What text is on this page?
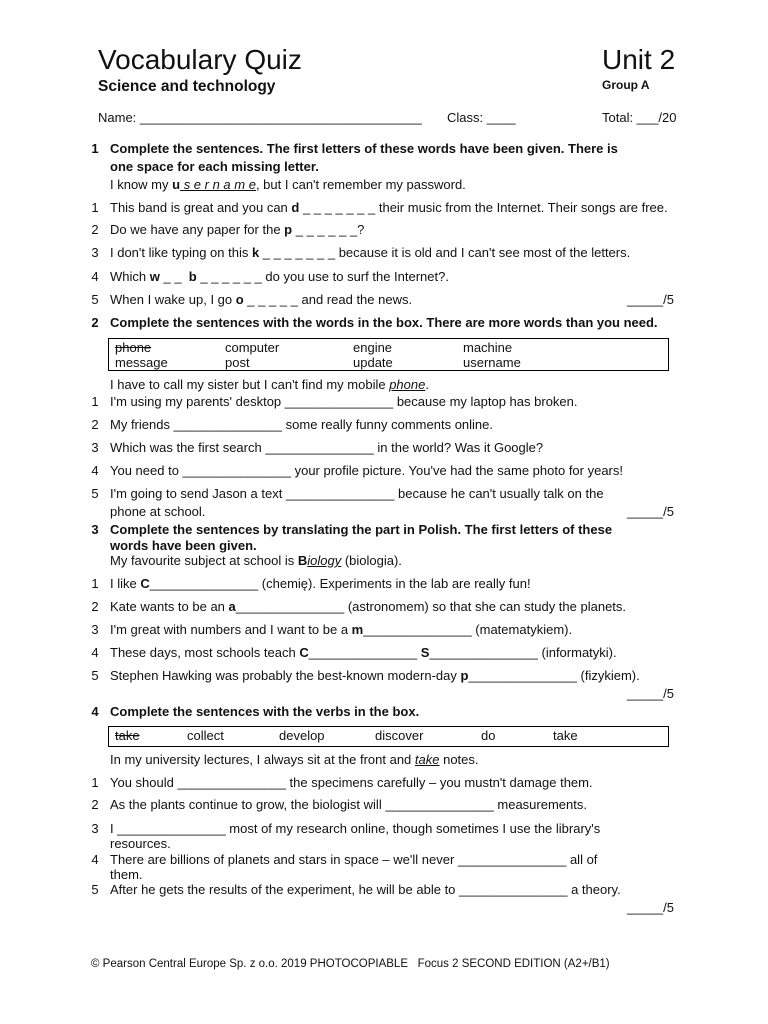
Vocabulary Quiz	Unit 2
Science and technology	Group A
Name: _______________________________________ Class: ____	Total: ___/20
1 Complete the sentences. The first letters of these words have been given. There is
one space for each missing letter.
I know my u s e r n a m e, but I can't remember my password.
1 This band is great and you can d _ _ _ _ _ _ _ their music from the Internet. Their songs are free.
2 Do we have any paper for the p _ _ _ _ _ _?
3 I don't like typing on this k _ _ _ _ _ _ _ because it is old and I can't see most of the letters.
4 Which w _ _  b _ _ _ _ _ _ do you use to surf the Internet?.
5 When I wake up, I go o _ _ _ _ _ and read the news.	_____/5
2 Complete the sentences with the words in the box. There are more words than you need.
phone	computer	engine	machine
message	post	update	username
I have to call my sister but I can't find my mobile phone.
1 I'm using my parents' desktop _______________ because my laptop has broken.
2 My friends _______________ some really funny comments online.
3 Which was the first search _______________ in the world? Was it Google?
4 You need to _______________ your profile picture. You've had the same photo for years!
5 I'm going to send Jason a text _______________ because he can't usually talk on the
phone at school.	_____/5
3 Complete the sentences by translating the part in Polish. The first letters of these
words have been given.
My favourite subject at school is Biology (biologia).
1 I like C_______________ (chemię). Experiments in the lab are really fun!
2 Kate wants to be an a_______________ (astronomem) so that she can study the planets.
3 I'm great with numbers and I want to be a m_______________ (matematykiem).
4 These days, most schools teach C_______________ S_______________ (informatyki).
5 Stephen Hawking was probably the best-known modern-day p_______________ (fizykiem).
_____/5
4 Complete the sentences with the verbs in the box.
take	collect	develop	discover	do	take
In my university lectures, I always sit at the front and take notes.
1 You should _______________ the specimens carefully – you mustn't damage them.
2 As the plants continue to grow, the biologist will _______________ measurements.
3 I _______________ most of my research online, though sometimes I use the library's
resources.
4 There are billions of planets and stars in space – we'll never _______________ all of
them.
5 After he gets the results of the experiment, he will be able to _______________ a theory.
_____/5
© Pearson Central Europe Sp. z o.o. 2019 PHOTOCOPIABLE   Focus 2 SECOND EDITION (A2+/B1)
